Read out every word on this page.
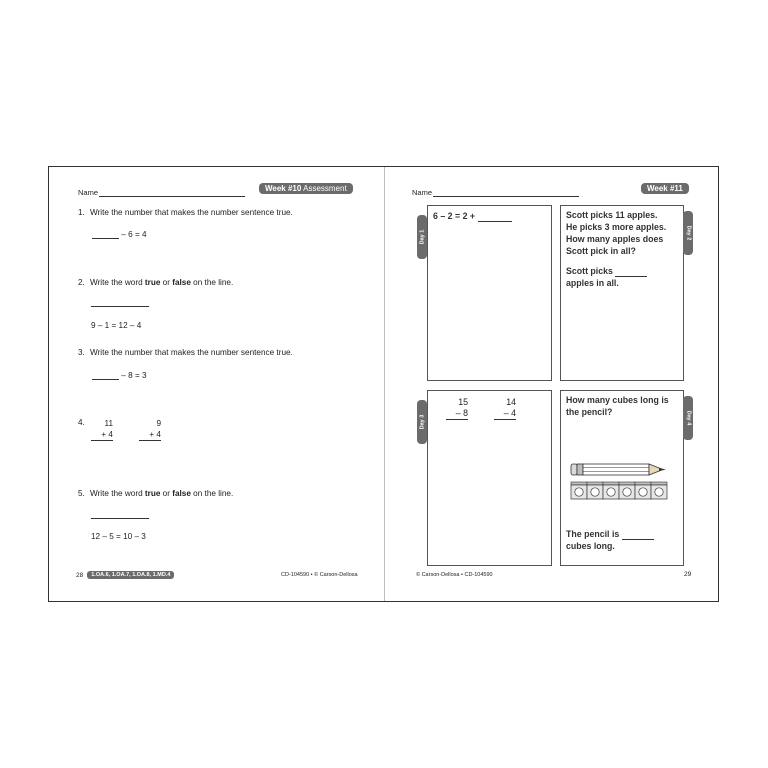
Name	Week #10 Assessment
1. Write the number that makes the number sentence true.
– 6 = 4
2. Write the word true or false on the line.
9 – 1 = 12 – 4
3. Write the number that makes the number sentence true.
– 8 = 3
4.	11
+ 4
9
+ 4
5. Write the word true or false on the line.
12 – 5 = 10 – 3
28	1.OA.6, 1.OA.7, 1.OA.8, 1.MD.4	CD-104590 • © Carson-Dellosa
Name	Week #11
Day 1
6 – 2 = 2 +	Scott picks 11 apples.
He picks 3 more apples.
How many apples does
Scott pick in all?
Scott picks
apples in all.
Day 2
Day 3
15
– 8
14
– 4
How many cubes long is
the pencil?
The pencil is
cubes long.
Day 4
© Carson-Dellosa • CD-104590	29
